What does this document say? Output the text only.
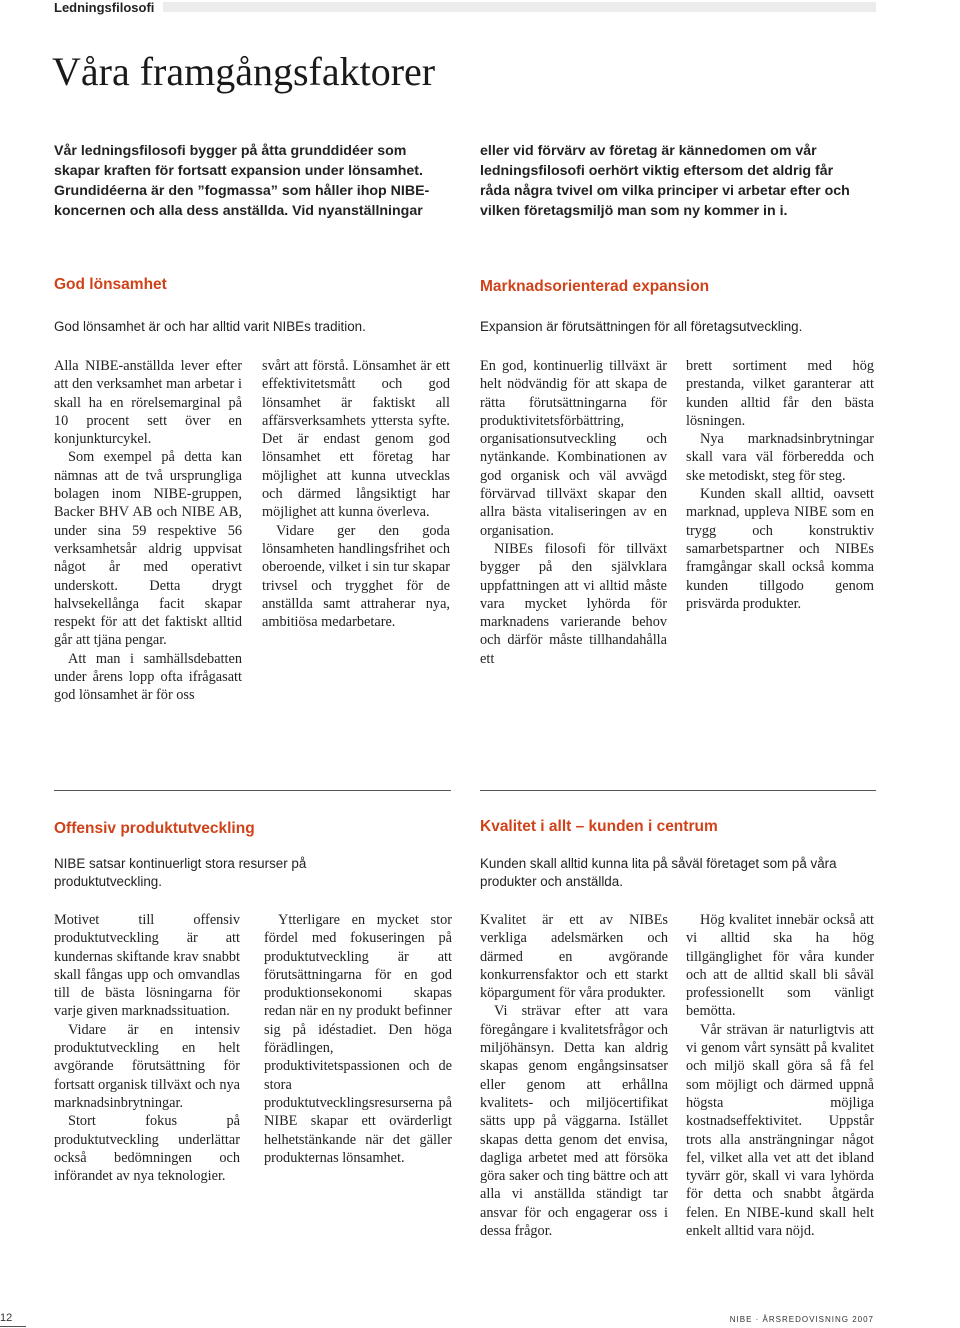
Ledningsfilosofi
Våra framgångsfaktorer
Vår ledningsfilosofi bygger på åtta grunddidéer som
skapar kraften för fortsatt expansion under lönsamhet.
Grundidéerna är den ”fogmassa” som håller ihop NIBE-
koncernen och alla dess anställda. Vid nyanställningar
eller vid förvärv av företag är kännedomen om vår
ledningsfilosofi oerhört viktig eftersom det aldrig får
råda några tvivel om vilka principer vi arbetar efter och
vilken företagsmiljö man som ny kommer in i.
God lönsamhet
God lönsamhet är och har alltid varit NIBEs tradition.

Alla NIBE-anställda lever efter att den verksamhet man arbetar i skall ha en rörelsemarginal på 10 procent sett över en konjunkturcykel.

Som exempel på detta kan nämnas att de två ursprungliga bolagen inom NIBE-gruppen, Backer BHV AB och NIBE AB, under sina 59 respektive 56 verksamhetsår aldrig uppvisat något år med operativt underskott. Detta drygt halvsekellånga facit skapar respekt för att det faktiskt alltid går att tjäna pengar.

Att man i samhällsdebatten under årens lopp ofta ifrågasatt god lönsamhet är för oss

svårt att förstå. Lönsamhet är ett effektivitetsmått och god lönsamhet är faktiskt all affärsverksamhets yttersta syfte. Det är endast genom god lönsamhet ett företag har möjlighet att kunna utvecklas och därmed långsiktigt har möjlighet att kunna överleva.

Vidare ger den goda lönsamheten handlingsfrihet och oberoende, vilket i sin tur skapar trivsel och trygghet för de anställda samt attraherar nya, ambitiösa medarbetare.

Marknadsorienterad expansion
Expansion är förutsättningen för all företagsutveckling.

En god, kontinuerlig tillväxt är helt nödvändig för att skapa de rätta förutsättningarna för produktivitetsförbättring, organisationsutveckling och nytänkande. Kombinationen av god organisk och väl avvägd förvärvad tillväxt skapar den allra bästa vitaliseringen av en organisation.

NIBEs filosofi för tillväxt bygger på den självklara uppfattningen att vi alltid måste vara mycket lyhörda för marknadens varierande behov och därför måste tillhandahålla ett

brett sortiment med hög prestanda, vilket garanterar att kunden alltid får den bästa lösningen.

Nya marknadsinbrytningar skall vara väl förberedda och ske metodiskt, steg för steg.

Kunden skall alltid, oavsett marknad, uppleva NIBE som en trygg och konstruktiv samarbetspartner och NIBEs framgångar skall också komma kunden tillgodo genom prisvärda produkter.

Offensiv produktutveckling
NIBE satsar kontinuerligt stora resurser på produktutveckling.

Motivet till offensiv produktutveckling är att kundernas skiftande krav snabbt skall fångas upp och omvandlas till de bästa lösningarna för varje given marknadssituation.

Vidare är en intensiv produktutveckling en helt avgörande förutsättning för fortsatt organisk tillväxt och nya marknadsinbrytningar.

Stort fokus på produktutveckling underlättar också bedömningen och införandet av nya teknologier.

Ytterligare en mycket stor fördel med fokuseringen på produktutveckling är att förutsättningarna för en god produktionsekonomi skapas redan när en ny produkt befinner sig på idéstadiet. Den höga förädlingen, produktivitetspassionen och de stora produktutvecklingsresurserna på NIBE skapar ett ovärderligt helhetstänkande när det gäller produkternas lönsamhet.

Kvalitet i allt – kunden i centrum
Kunden skall alltid kunna lita på såväl företaget som på våra produkter och anställda.

Kvalitet är ett av NIBEs verkliga adelsmärken och därmed en avgörande konkurrensfaktor och ett starkt köpargument för våra produkter.

Vi strävar efter att vara föregångare i kvalitetsfrågor och miljöhänsyn. Detta kan aldrig skapas genom engångsinsatser eller genom att erhållna kvalitets- och miljöcertifikat sätts upp på väggarna. Istället skapas detta genom det envisa, dagliga arbetet med att försöka göra saker och ting bättre och att alla vi anställda ständigt tar ansvar för och engagerar oss i dessa frågor.

Hög kvalitet innebär också att vi alltid ska ha hög tillgänglighet för våra kunder och att de alltid skall bli såväl professionellt som vänligt bemötta.

Vår strävan är naturligtvis att vi genom vårt synsätt på kvalitet och miljö skall göra så få fel som möjligt och därmed uppnå högsta möjliga kostnadseffektivitet. Uppstår trots alla ansträngningar något fel, vilket alla vet att det ibland tyvärr gör, skall vi vara lyhörda för detta och snabbt åtgärda felen. En NIBE-kund skall helt enkelt alltid vara nöjd.

12	NIBE · ÅRSREDOVISNING 2007
